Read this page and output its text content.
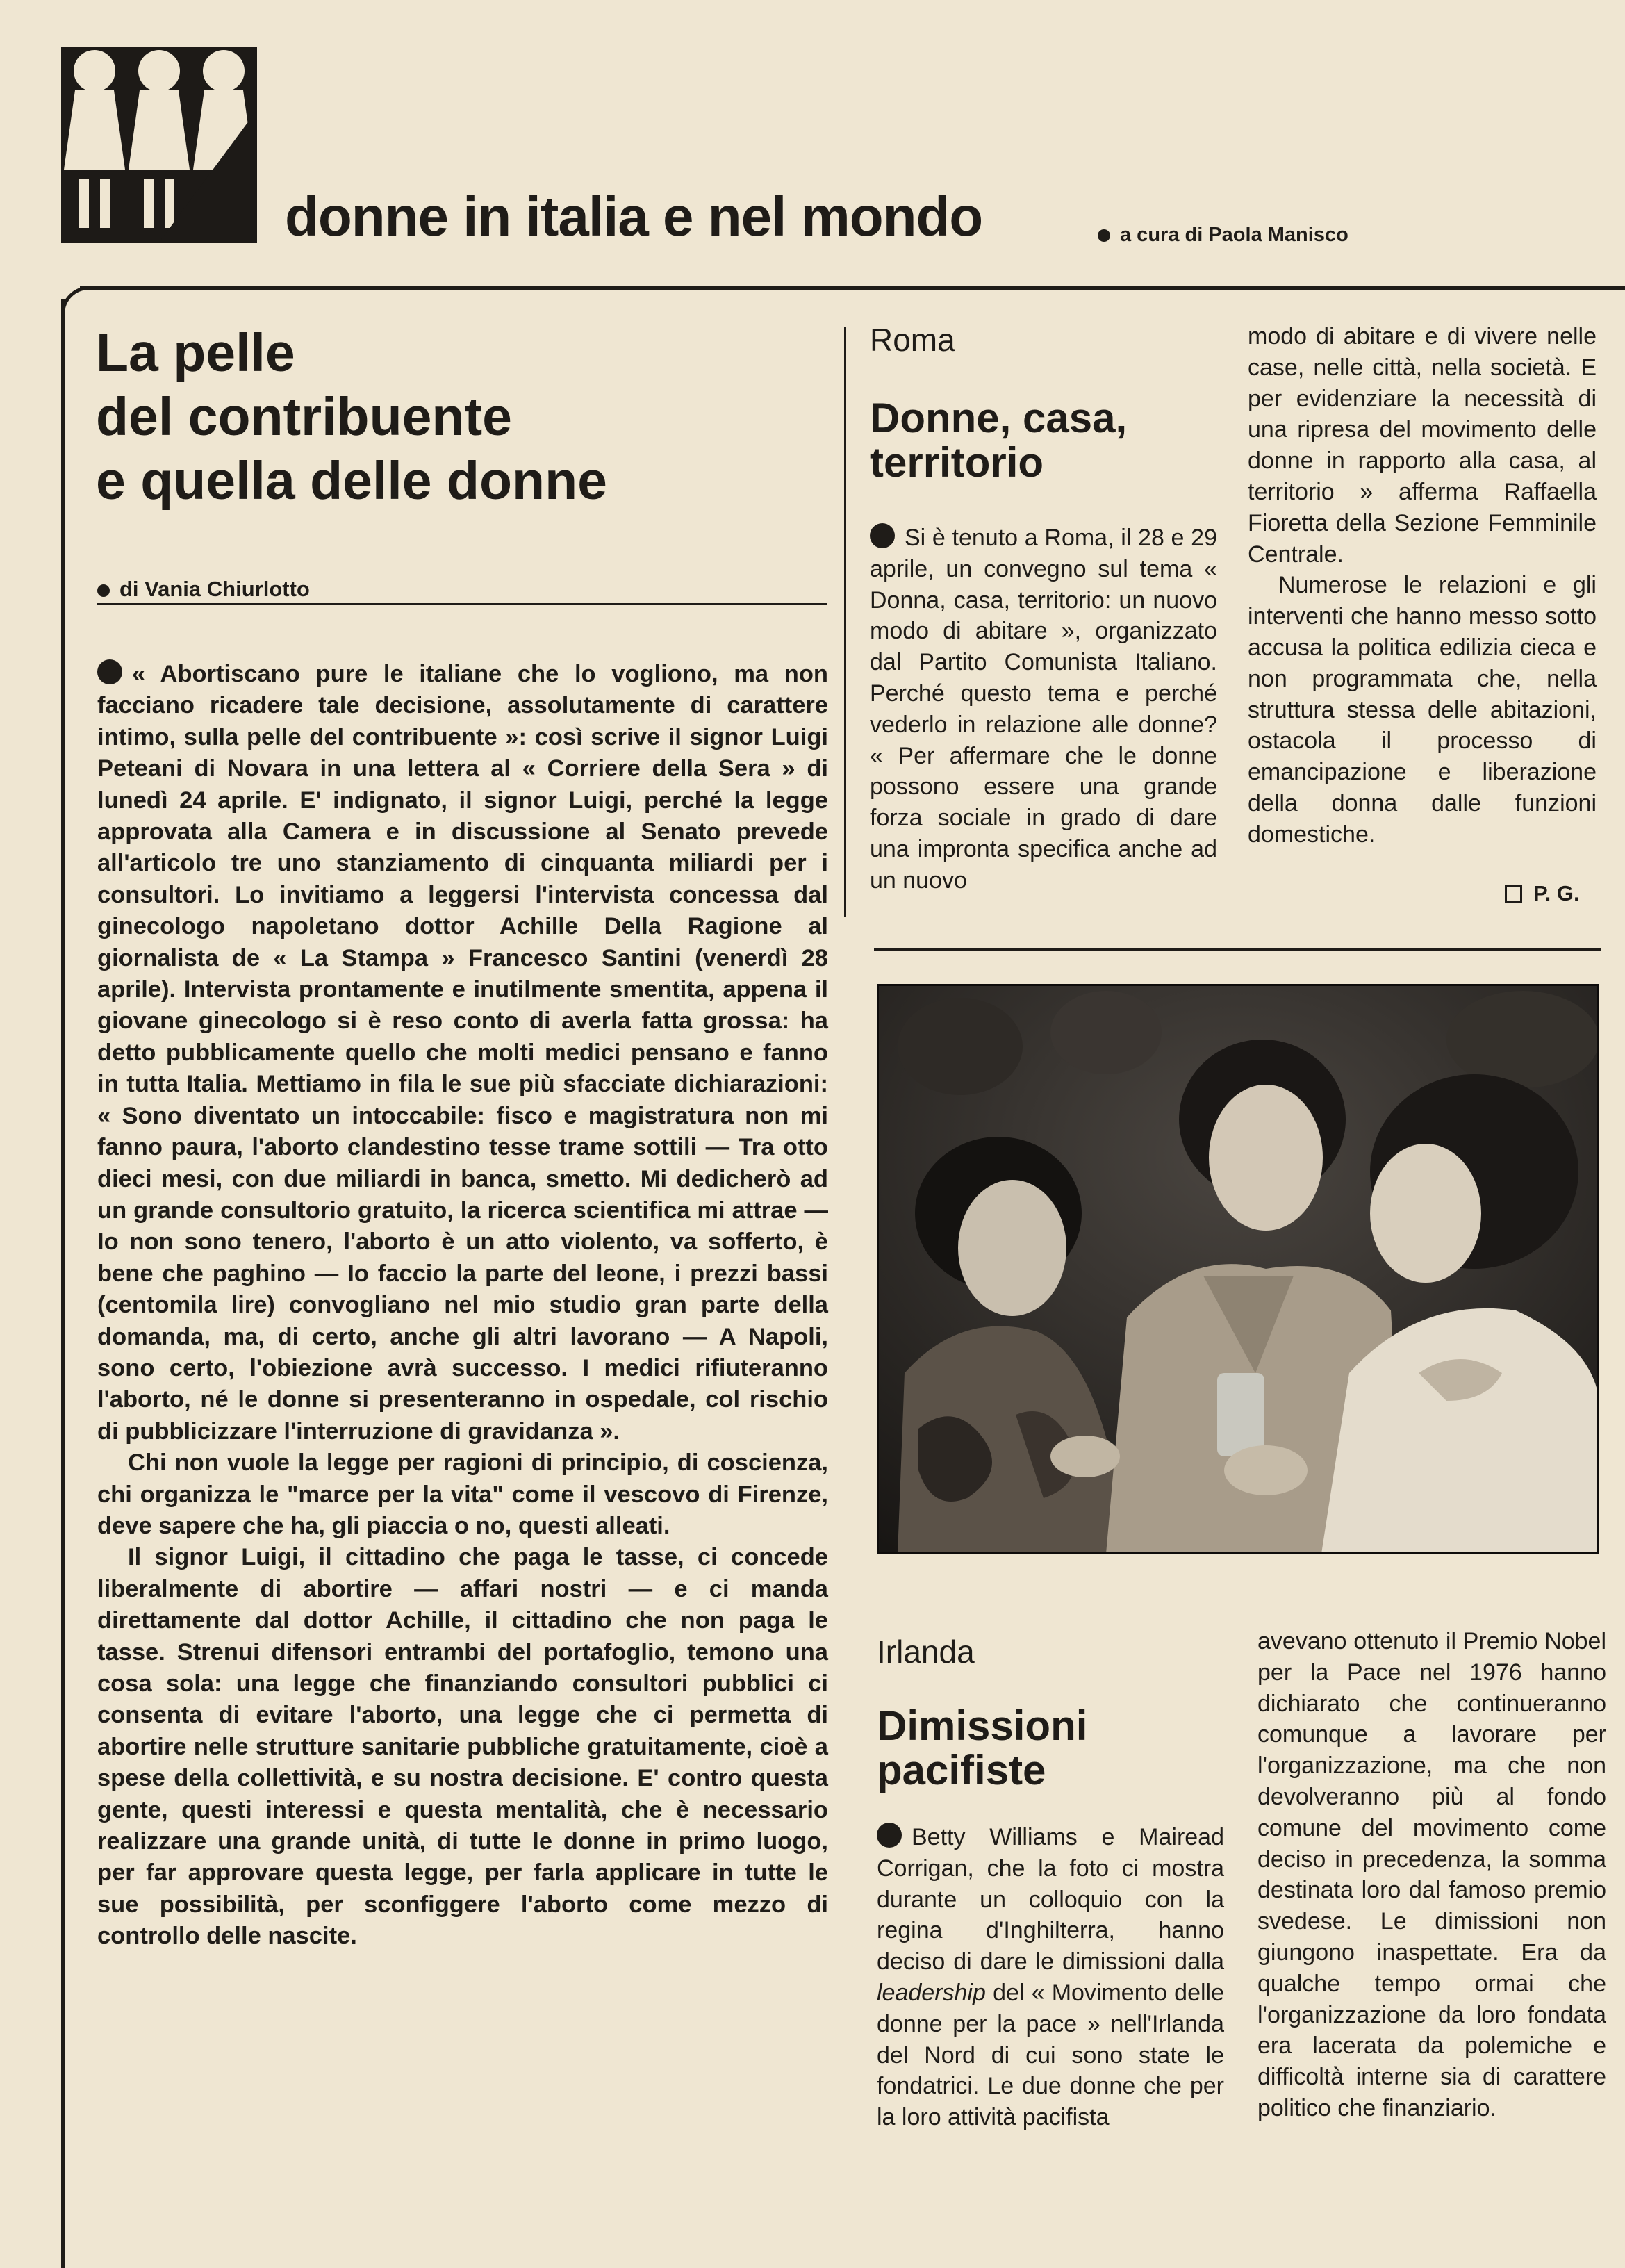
donne in italia e nel mondo	a cura di Paola Manisco
La pelle
del contribuente
e quella delle donne
di Vania Chiurlotto

« Abortiscano pure le italiane che lo vogliono, ma non facciano ricadere tale decisione, assolutamente di carattere intimo, sulla pelle del contribuente »: così scrive il signor Luigi Peteani di Novara in una lettera al « Corriere della Sera » di lunedì 24 aprile. E' indignato, il signor Luigi, perché la legge approvata alla Camera e in discussione al Senato prevede all'articolo tre uno stanziamento di cinquanta miliardi per i consultori. Lo invitiamo a leggersi l'intervista concessa dal ginecologo napoletano dottor Achille Della Ragione al giornalista de « La Stampa » Francesco Santini (venerdì 28 aprile). Intervista prontamente e inutilmente smentita, appena il giovane ginecologo si è reso conto di averla fatta grossa: ha detto pubblicamente quello che molti medici pensano e fanno in tutta Italia. Mettiamo in fila le sue più sfacciate dichiarazioni: « Sono diventato un intoccabile: fisco e magistratura non mi fanno paura, l'aborto clandestino tesse trame sottili — Tra otto dieci mesi, con due miliardi in banca, smetto. Mi dedicherò ad un grande consultorio gratuito, la ricerca scientifica mi attrae — Io non sono tenero, l'aborto è un atto violento, va sofferto, è bene che paghino — Io faccio la parte del leone, i prezzi bassi (centomila lire) convogliano nel mio studio gran parte della domanda, ma, di certo, anche gli altri lavorano — A Napoli, sono certo, l'obiezione avrà successo. I medici rifiuteranno l'aborto, né le donne si presenteranno in ospedale, col rischio di pubblicizzare l'interruzione di gravidanza ».

Chi non vuole la legge per ragioni di principio, di coscienza, chi organizza le "marce per la vita" come il vescovo di Firenze, deve sapere che ha, gli piaccia o no, questi alleati.

Il signor Luigi, il cittadino che paga le tasse, ci concede liberalmente di abortire — affari nostri — e ci manda direttamente dal dottor Achille, il cittadino che non paga le tasse. Strenui difensori entrambi del portafoglio, temono una cosa sola: una legge che finanziando consultori pubblici ci consenta di evitare l'aborto, una legge che ci permetta di abortire nelle strutture sanitarie pubbliche gratuitamente, cioè a spese della collettività, e su nostra decisione. E' contro questa gente, questi interessi e questa mentalità, che è necessario realizzare una grande unità, di tutte le donne in primo luogo, per far approvare questa legge, per farla applicare in tutte le sue possibilità, per sconfiggere l'aborto come mezzo di controllo delle nascite.

Roma
Donne, casa,
territorio

Si è tenuto a Roma, il 28 e 29 aprile, un convegno sul tema « Donna, casa, territorio: un nuovo modo di abitare », organizzato dal Partito Comunista Italiano. Perché questo tema e perché vederlo in relazione alle donne? « Per affermare che le donne possono essere una grande forza sociale in grado di dare una impronta specifica anche ad un nuovo

modo di abitare e di vivere nelle case, nelle città, nella società. E per evidenziare la necessità di una ripresa del movimento delle donne in rapporto alla casa, al territorio » afferma Raffaella Fioretta della Sezione Femminile Centrale.

Numerose le relazioni e gli interventi che hanno messo sotto accusa la politica edilizia cieca e non programmata che, nella struttura stessa delle abitazioni, ostacola il processo di emancipazione e liberazione della donna dalle funzioni domestiche.

P. G.
Irlanda
Dimissioni
pacifiste

Betty Williams e Mairead Corrigan, che la foto ci mostra durante un colloquio con la regina d'Inghilterra, hanno deciso di dare le dimissioni dalla leadership del « Movimento delle donne per la pace » nell'Irlanda del Nord di cui sono state le fondatrici. Le due donne che per la loro attività pacifista

avevano ottenuto il Premio Nobel per la Pace nel 1976 hanno dichiarato che continueranno comunque a lavorare per l'organizzazione, ma che non devolveranno più al fondo comune del movimento come deciso in precedenza, la somma destinata loro dal famoso premio svedese. Le dimissioni non giungono inaspettate. Era da qualche tempo ormai che l'organizzazione da loro fondata era lacerata da polemiche e difficoltà interne sia di carattere politico che finanziario.
